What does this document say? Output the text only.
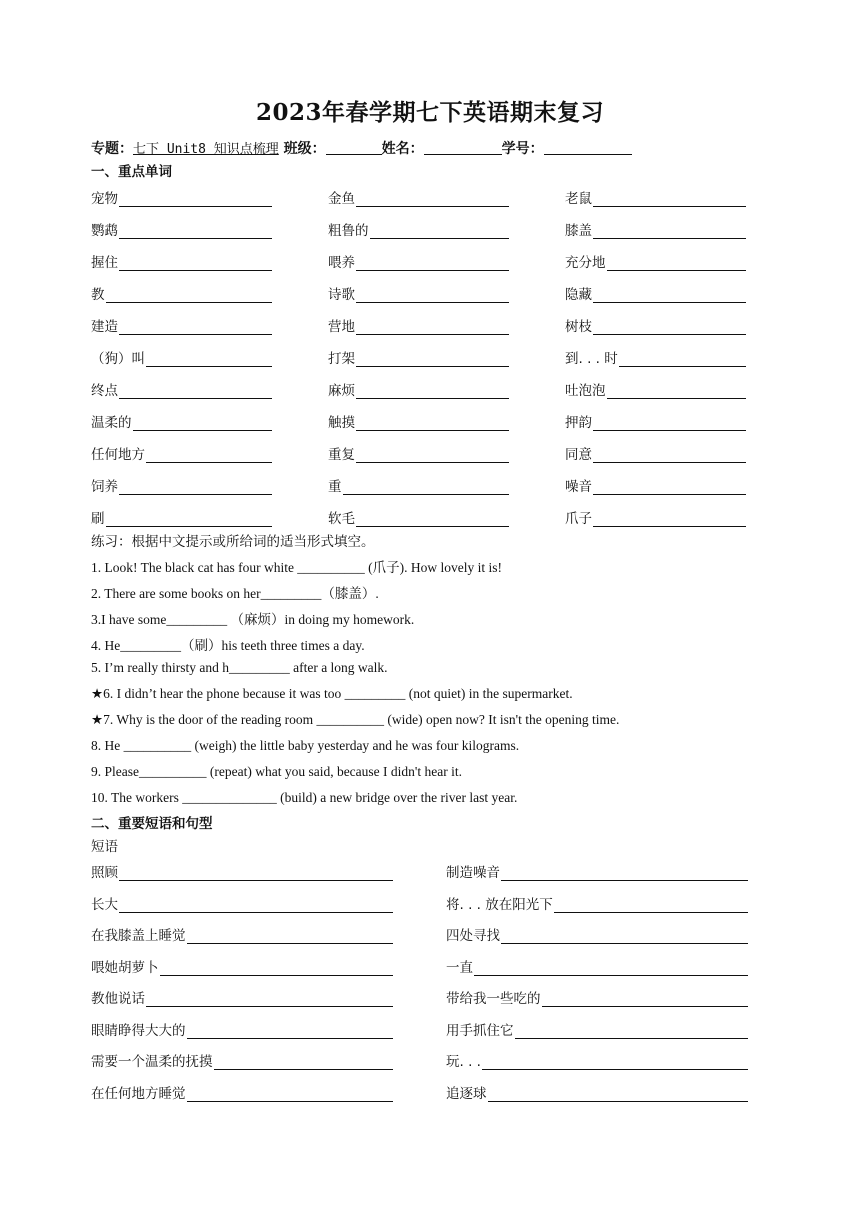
2023年春学期七下英语期末复习
专题：七下 Unit8 知识点梳理 班级：	姓名：	学号：
一、重点单词
宠物	金鱼	老鼠
鹦鹉	粗鲁的	膝盖
握住	喂养	充分地
教	诗歌	隐藏
建造	营地	树枝
（狗）叫	打架	到. . . 时
终点	麻烦	吐泡泡
温柔的	触摸	押韵
任何地方	重复	同意
饲养	重	噪音
刷	软毛	爪子
练习：根据中文提示或所给词的适当形式填空。
1. Look! The black cat has four white __________ (爪子). How lovely it is!
2. There are some books on her_________（膝盖）.
3.I have some_________ （麻烦）in doing my homework.
4. He_________（刷）his teeth three times a day.
5. I’m really thirsty and h_________ after a long walk.
★6. I didn’t hear the phone because it was too _________ (not quiet) in the supermarket.
★7. Why is the door of the reading room __________ (wide) open now? It isn't the opening time.
8. He __________ (weigh) the little baby yesterday and he was four kilograms.
9. Please__________ (repeat) what you said, because I didn't hear it.
10. The workers ______________ (build) a new bridge over the river last year.
二、重要短语和句型
短语
照顾	制造噪音
长大	将. . . 放在阳光下
在我膝盖上睡觉	四处寻找
喂她胡萝卜	一直
教他说话	带给我一些吃的
眼睛睁得大大的	用手抓住它
需要一个温柔的抚摸	玩. . .
在任何地方睡觉	追逐球
